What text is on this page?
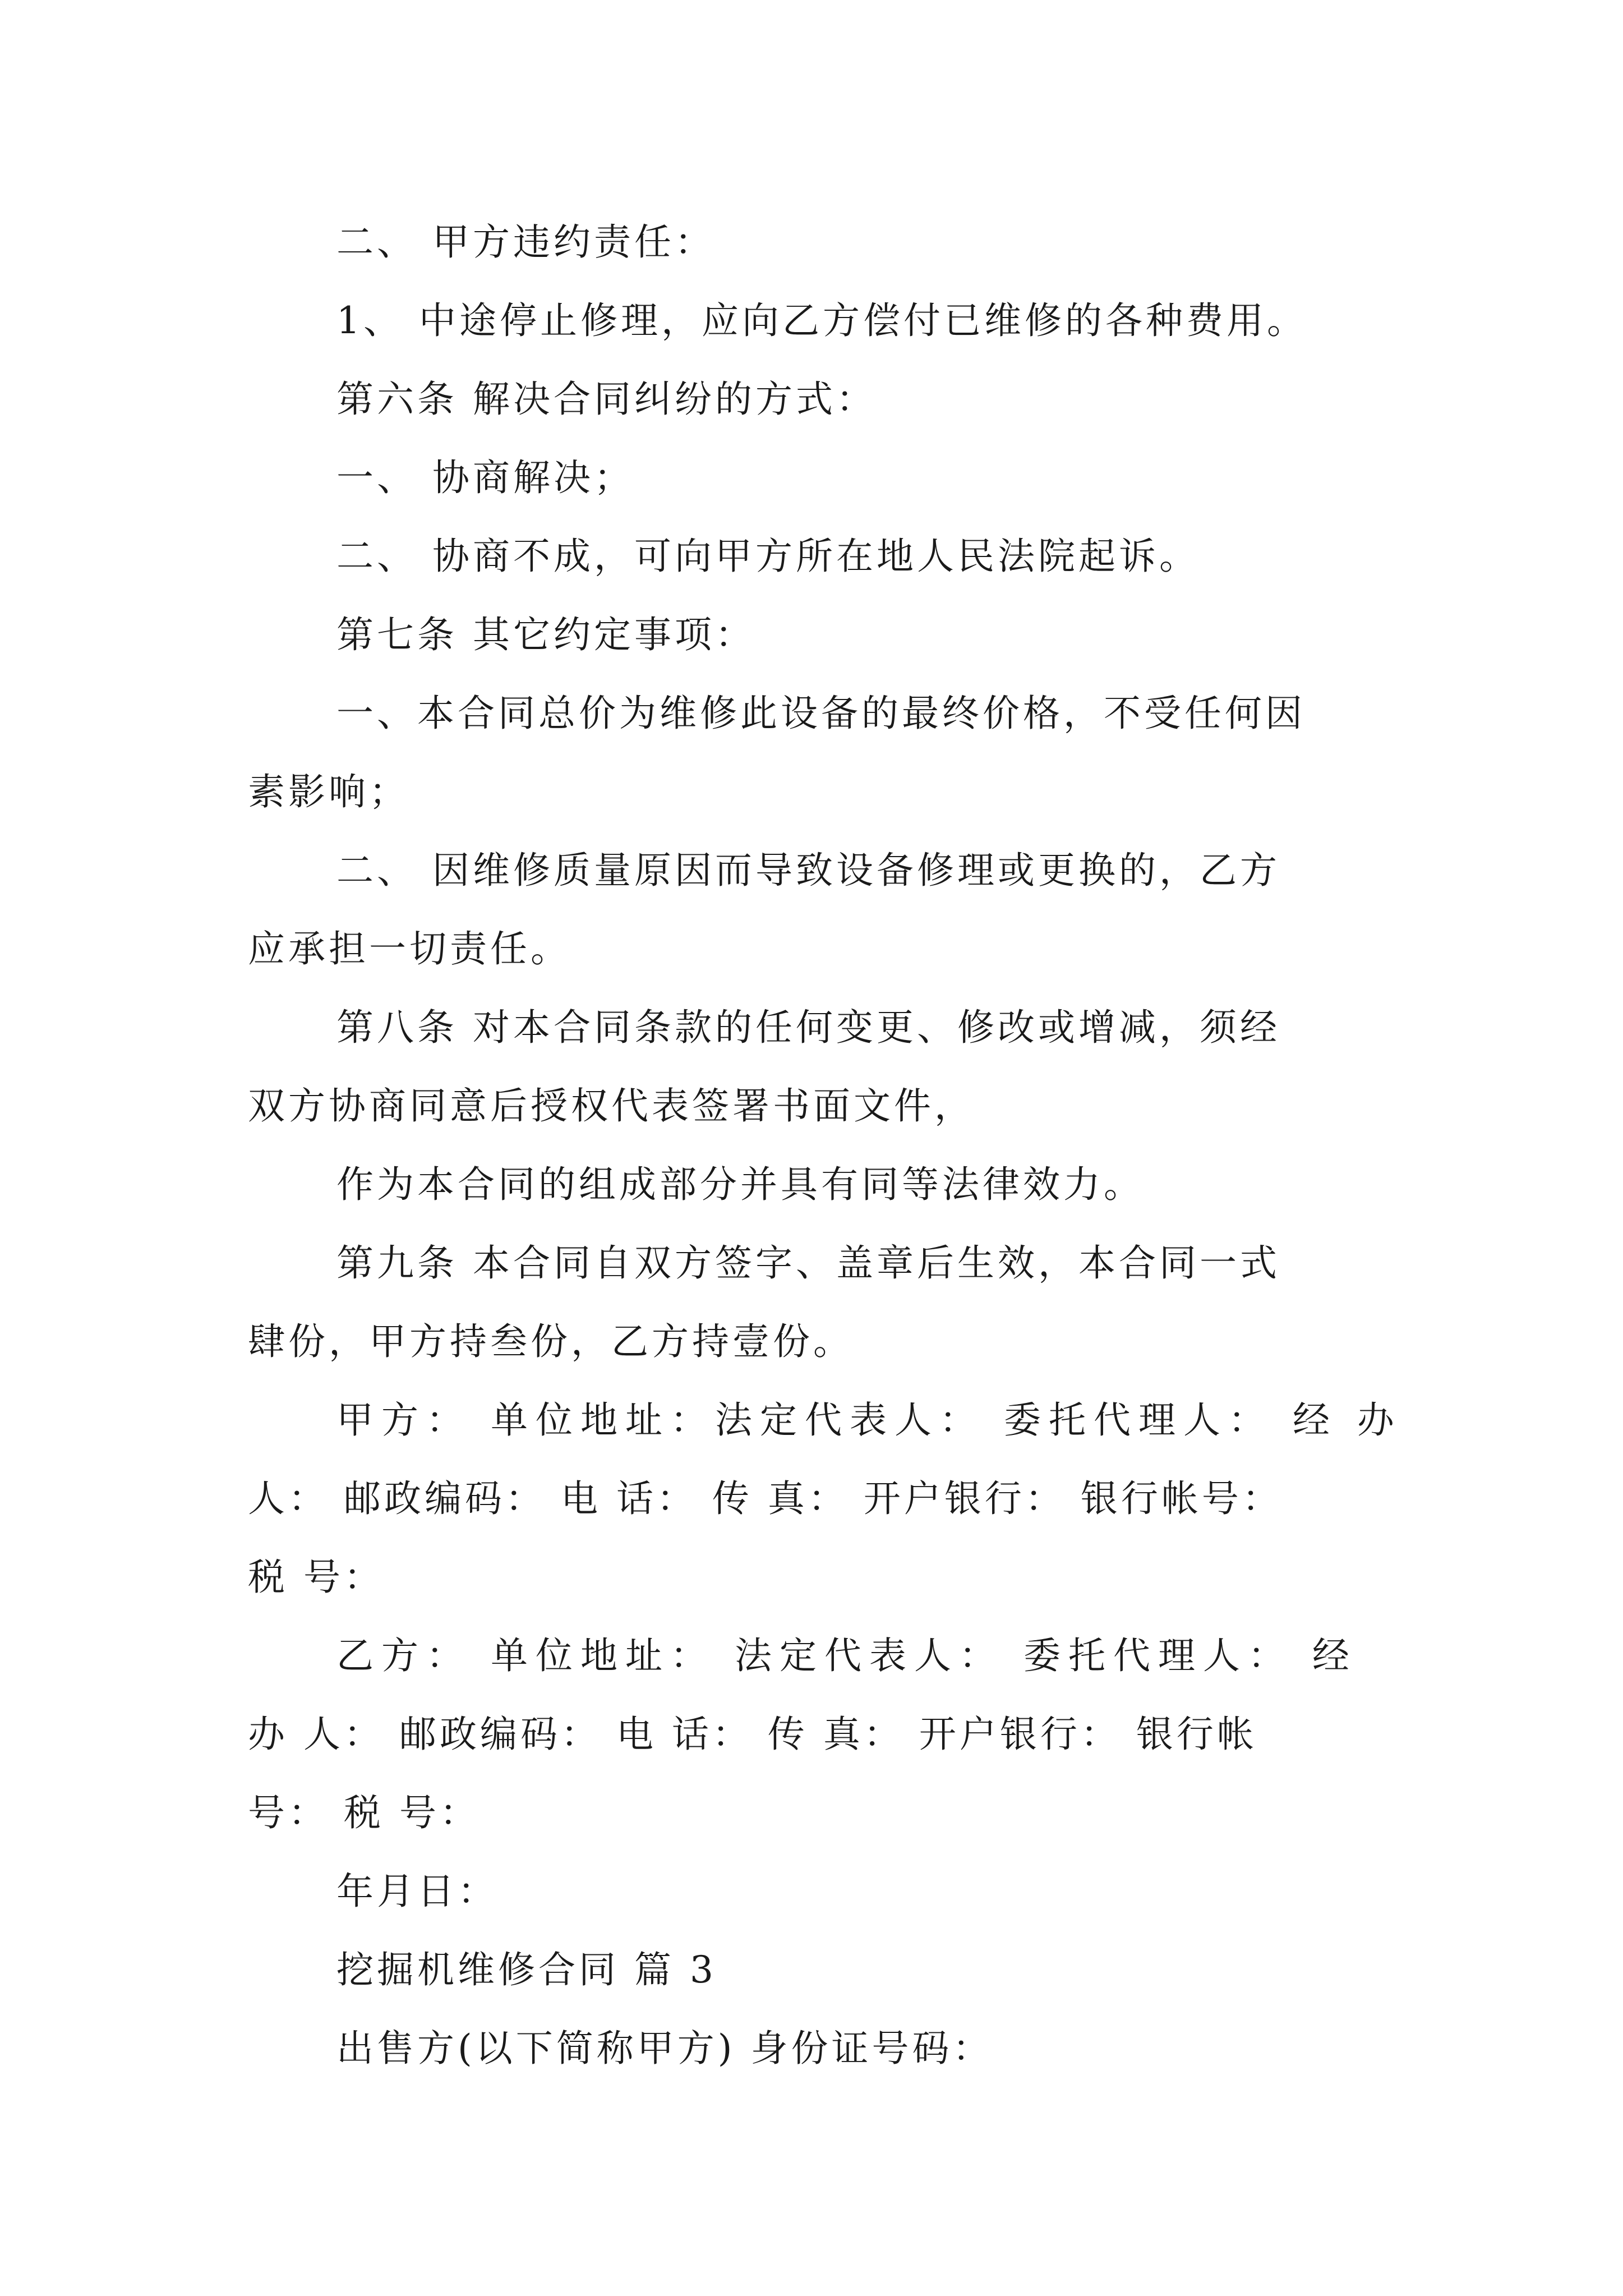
二、 甲方违约责任：
1、 中途停止修理，应向乙方偿付已维修的各种费用。
第六条 解决合同纠纷的方式：
一、 协商解决；
二、 协商不成，可向甲方所在地人民法院起诉。
第七条 其它约定事项：
一、本合同总价为维修此设备的最终价格，不受任何因
素影响；
二、 因维修质量原因而导致设备修理或更换的，乙方
应承担一切责任。
第八条 对本合同条款的任何变更、修改或增减，须经
双方协商同意后授权代表签署书面文件，
作为本合同的组成部分并具有同等法律效力。
第九条 本合同自双方签字、盖章后生效，本合同一式
肆份，甲方持叁份，乙方持壹份。
甲方： 单位地址：法定代表人： 委托代理人： 经 办
人： 邮政编码： 电 话： 传 真： 开户银行： 银行帐号：
税 号：
乙方： 单位地址： 法定代表人： 委托代理人： 经
办 人： 邮政编码： 电 话： 传 真： 开户银行： 银行帐
号： 税 号：
年月日：
挖掘机维修合同 篇 3
出售方(以下简称甲方) 身份证号码：
